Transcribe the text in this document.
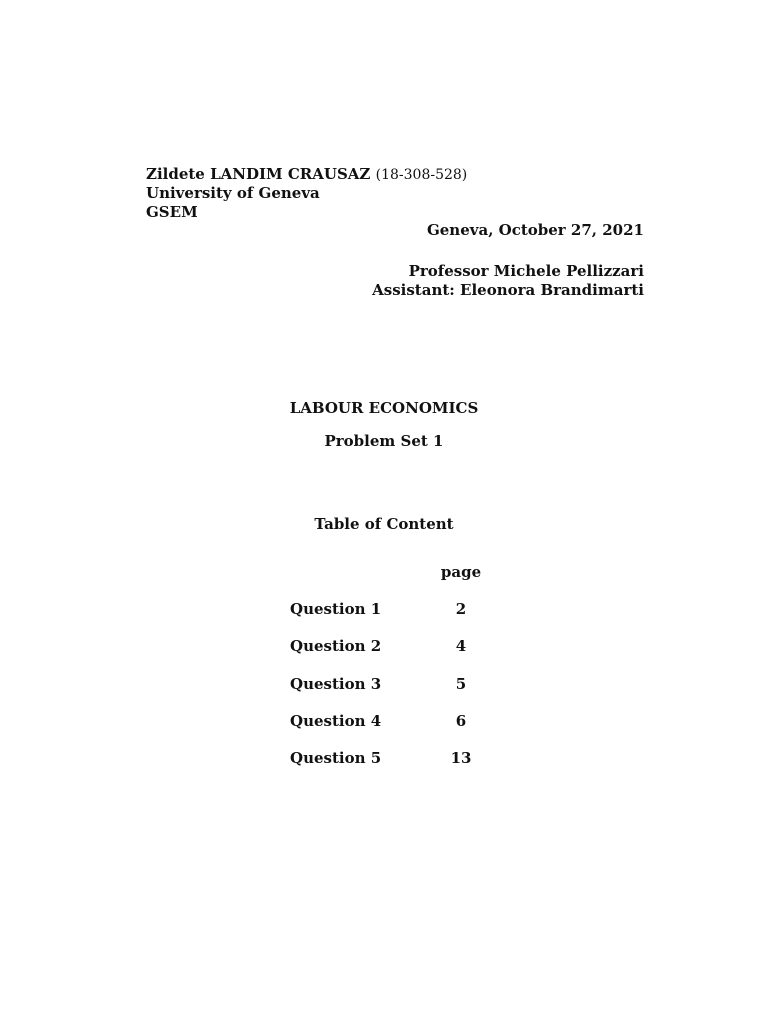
Zildete LANDIM CRAUSAZ (18-308-528)
University of Geneva
GSEM
Geneva, October 27, 2021
Professor Michele Pellizzari
Assistant: Eleonora Brandimarti
LABOUR ECONOMICS
Problem Set 1
Table of Content
page
Question 1	2
Question 2	4
Question 3	5
Question 4	6
Question 5	13
